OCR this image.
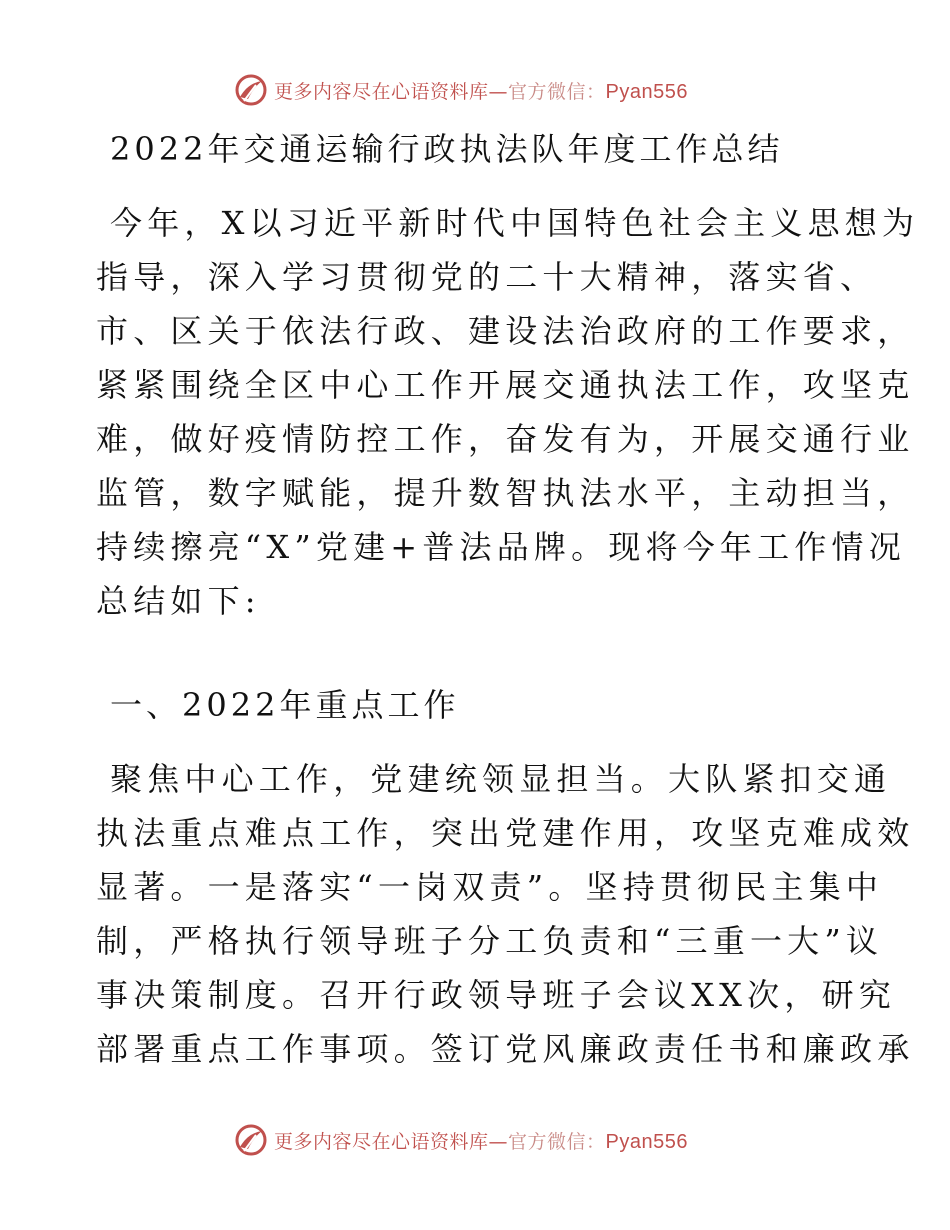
更多内容尽在心语资料库—官方微信：Pyan556
2022年交通运输行政执法队年度工作总结
今年，X以习近平新时代中国特色社会主义思想为
指导，深入学习贯彻党的二十大精神，落实省、
市、区关于依法行政、建设法治政府的工作要求，
紧紧围绕全区中心工作开展交通执法工作，攻坚克
难，做好疫情防控工作，奋发有为，开展交通行业
监管，数字赋能，提升数智执法水平，主动担当，
持续擦亮“X”党建+普法品牌。现将今年工作情况
总结如下:
一、2022年重点工作
聚焦中心工作，党建统领显担当。大队紧扣交通
执法重点难点工作，突出党建作用，攻坚克难成效
显著。一是落实“一岗双责”。坚持贯彻民主集中
制，严格执行领导班子分工负责和“三重一大”议
事决策制度。召开行政领导班子会议XX次，研究
部署重点工作事项。签订党风廉政责任书和廉政承
更多内容尽在心语资料库—官方微信：Pyan556
